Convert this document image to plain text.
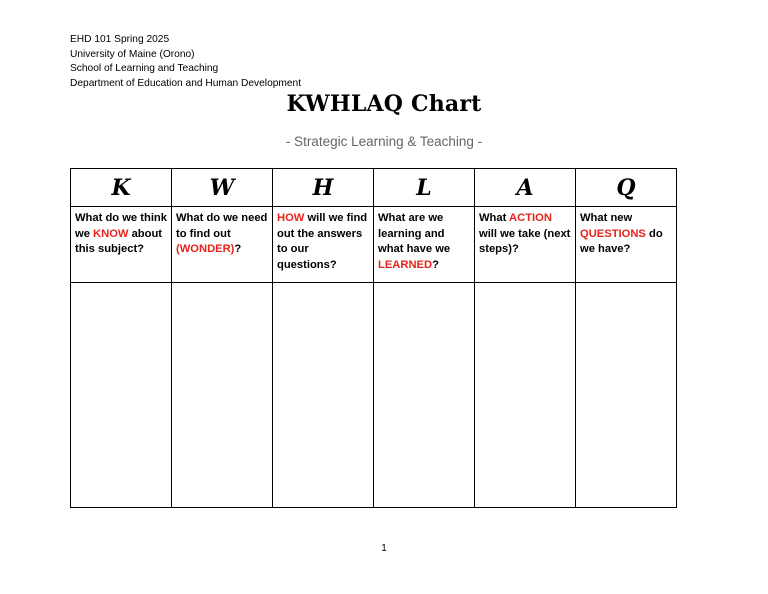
EHD 101 Spring 2025
University of Maine (Orono)
School of Learning and Teaching
Department of Education and Human Development
KWHLAQ Chart
- Strategic Learning & Teaching -
K	W	H	L	A	Q
What do we think we KNOW about this subject?	What do we need to find out (WONDER)?	HOW will we find out the answers to our questions?	What are we learning and what have we LEARNED?	What ACTION will we take (next steps)?	What new QUESTIONS do we have?

1
